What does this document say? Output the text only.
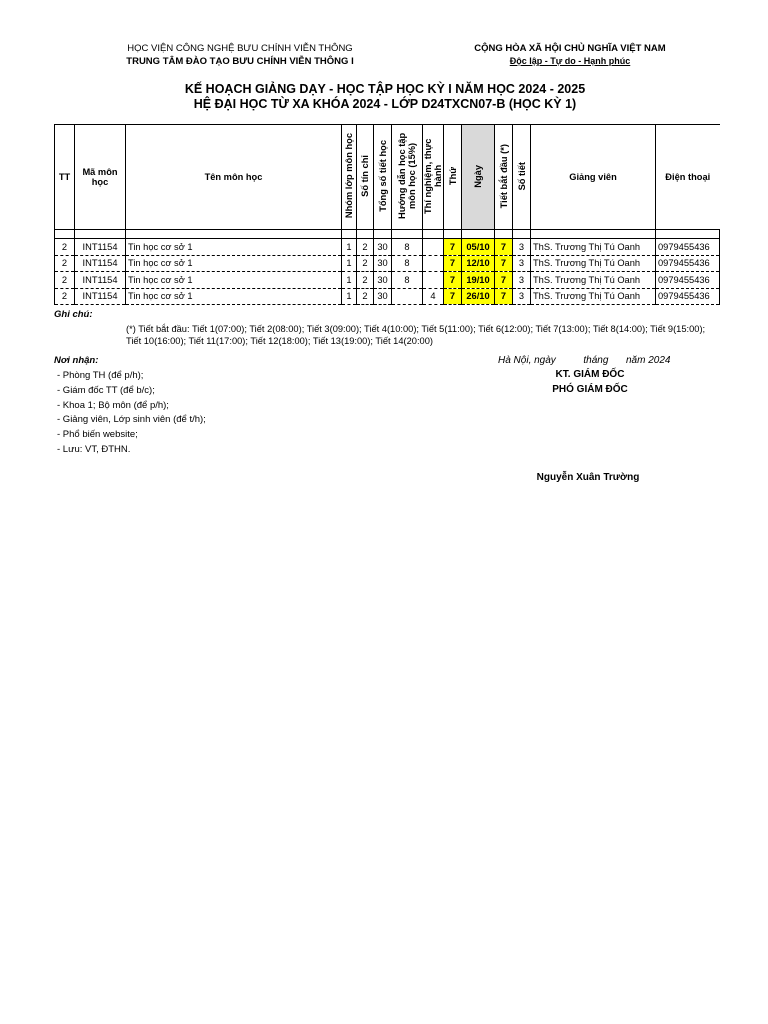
HỌC VIỆN CÔNG NGHỆ BƯU CHÍNH VIỄN THÔNG
TRUNG TÂM ĐÀO TẠO BƯU CHÍNH VIỄN THÔNG I
CỘNG HÒA XÃ HỘI CHỦ NGHĨA VIỆT NAM
Độc lập - Tự do - Hạnh phúc
KẾ HOẠCH GIẢNG DẠY - HỌC TẬP HỌC KỲ I NĂM HỌC 2024 - 2025
HỆ ĐẠI HỌC TỪ XA KHÓA 2024 - LỚP D24TXCN07-B (HỌC KỲ 1)
TT	Mã môn học	Tên môn học	Nhóm lớp môn học	Số tín chỉ	Tổng số tiết học	Hướng dẫn học tập môn học (15%)	Thí nghiệm, thực hành	Thứ	Ngày	Tiết bắt đầu (*)	Số tiết	Giảng viên	Điện thoại

2	INT1154	Tin học cơ sở 1	1	2	30	8		7	05/10	7	3	ThS. Trương Thị Tú Oanh	0979455436
2	INT1154	Tin học cơ sở 1	1	2	30	8		7	12/10	7	3	ThS. Trương Thị Tú Oanh	0979455436
2	INT1154	Tin học cơ sở 1	1	2	30	8		7	19/10	7	3	ThS. Trương Thị Tú Oanh	0979455436
2	INT1154	Tin học cơ sở 1	1	2	30		4	7	26/10	7	3	ThS. Trương Thị Tú Oanh	0979455436
Ghi chú:
(*) Tiết bắt đầu: Tiết 1(07:00); Tiết 2(08:00); Tiết 3(09:00); Tiết 4(10:00); Tiết 5(11:00); Tiết 6(12:00); Tiết 7(13:00); Tiết 8(14:00); Tiết 9(15:00); Tiết 10(16:00); Tiết 11(17:00); Tiết 12(18:00); Tiết 13(19:00); Tiết 14(20:00)
Nơi nhận:
- Phòng TH (để p/h);
- Giám đốc TT (để b/c);
- Khoa 1; Bộ môn (để p/h);
- Giảng viên, Lớp sinh viên (để t/h);
- Phổ biến website;
- Lưu: VT, ĐTHN.
Hà Nội, ngày	tháng năm 2024
KT. GIÁM ĐỐC
PHÓ GIÁM ĐỐC
Nguyễn Xuân Trường
